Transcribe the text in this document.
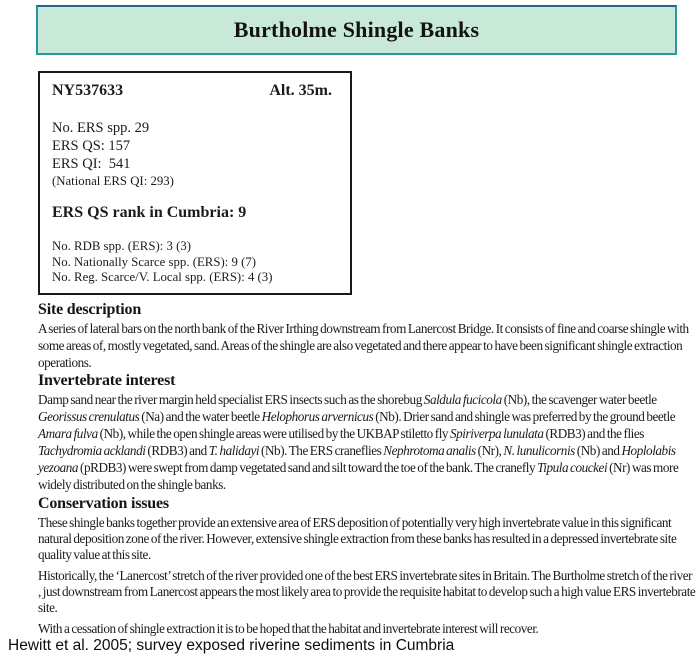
Burtholme Shingle Banks
NY537633	Alt. 35m.
No. ERS spp. 29
ERS QS: 157
ERS QI:  541
(National ERS QI: 293)
ERS QS rank in Cumbria: 9
No. RDB spp. (ERS): 3 (3)
No. Nationally Scarce spp. (ERS): 9 (7)
No. Reg. Scarce/V. Local spp. (ERS): 4 (3)
Site description

A series of lateral bars on the north bank of the River Irthing downstream from Lanercost Bridge. It consists of fine and coarse shingle with some areas of, mostly vegetated, sand. Areas of the shingle are also vegetated and there appear to have been significant shingle extraction operations.

Invertebrate interest

Damp sand near the river margin held specialist ERS insects such as the shorebug Saldula fucicola (Nb), the scavenger water beetle Georissus crenulatus (Na) and the water beetle Helophorus arvernicus (Nb). Drier sand and shingle was preferred by the ground beetle Amara fulva (Nb), while the open shingle areas were utilised by the UKBAP stiletto fly Spiriverpa lunulata (RDB3) and the flies Tachydromia acklandi (RDB3) and T. halidayi (Nb). The ERS craneflies Nephrotoma analis (Nr), N. lunulicornis (Nb) and Hoplolabis yezoana (pRDB3) were swept from damp vegetated sand and silt toward the toe of the bank. The cranefly Tipula couckei (Nr) was more widely distributed on the shingle banks.

Conservation issues

These shingle banks together provide an extensive area of ERS deposition of potentially very high invertebrate value in this significant natural deposition zone of the river. However, extensive shingle extraction from these banks has resulted in a depressed invertebrate site quality value at this site.

Historically, the ‘Lanercost’ stretch of the river provided one of the best ERS invertebrate sites in Britain. The Burtholme stretch of the river , just downstream from Lanercost appears the most likely area to provide the requisite habitat to develop such a high value ERS invertebrate site.

With a cessation of shingle extraction it is to be hoped that the habitat and invertebrate interest will recover.

Hewitt et al. 2005; survey exposed riverine sediments in Cumbria
